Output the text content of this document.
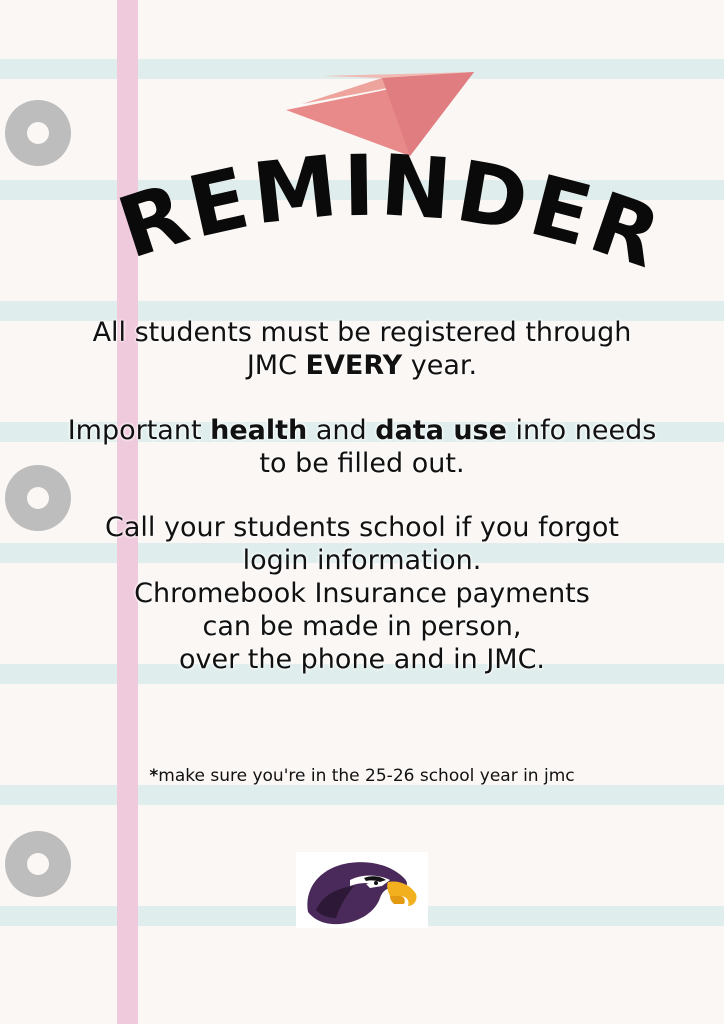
REMINDER
All students must be registered through
JMC EVERY year.
Important health and data use info needs
to be filled out.
Call your students school if you forgot
login information.
Chromebook Insurance payments
can be made in person,
over the phone and in JMC.
*make sure you're in the 25-26 school year in jmc
